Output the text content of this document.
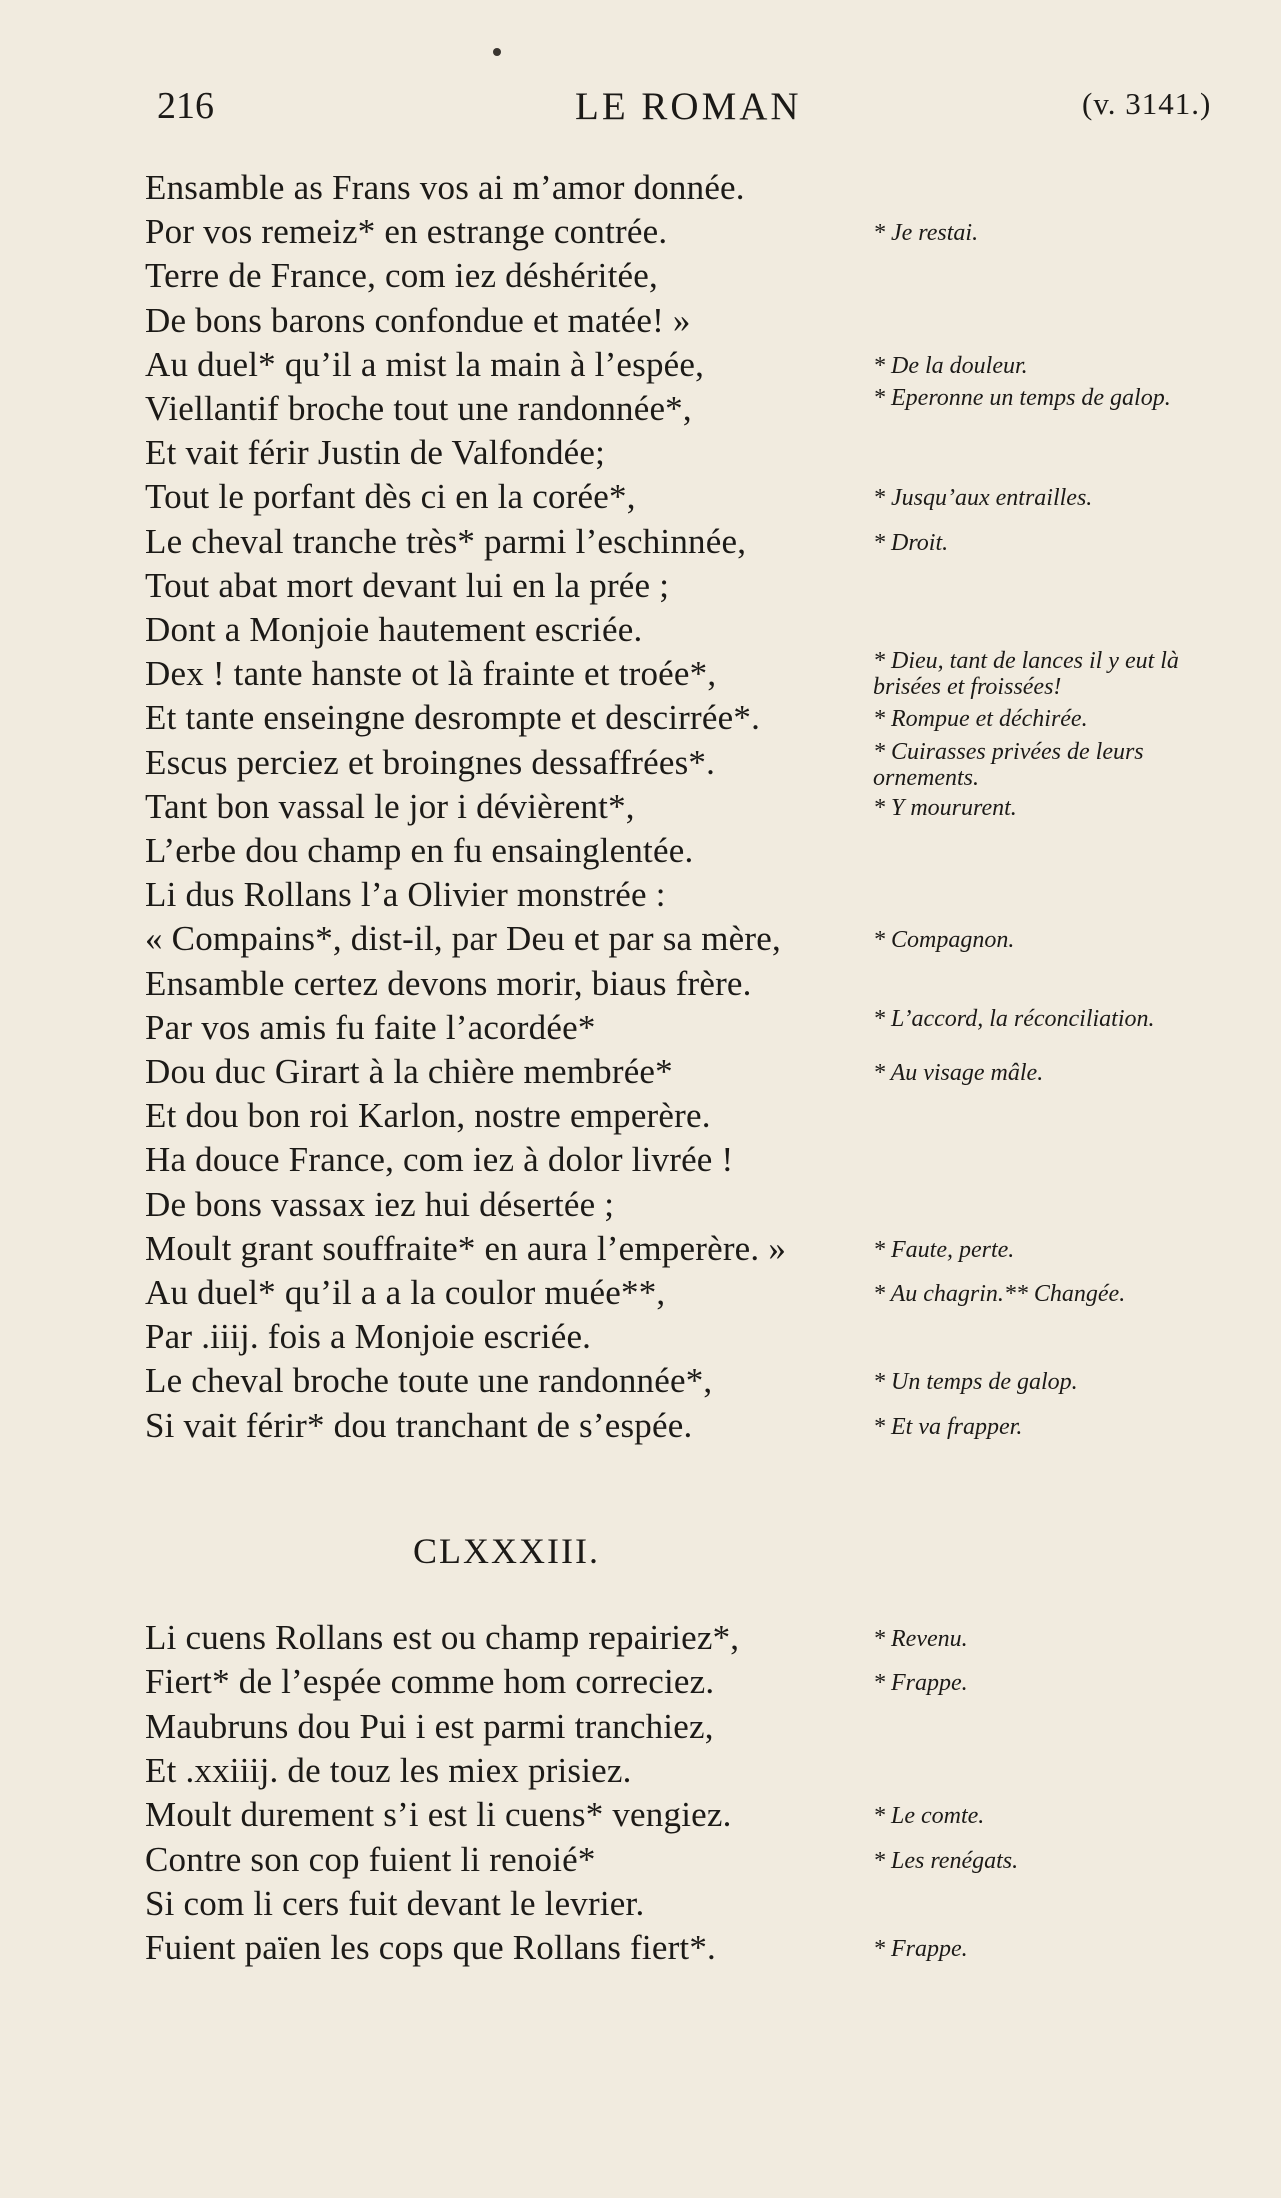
216	LE ROMAN	(v. 3141.)
Ensamble as Frans vos ai m’amor donnée.
Por vos remeiz* en estrange contrée.	* Je restai.
Terre de France, com iez déshéritée,
De bons barons confondue et matée! »
Au duel* qu’il a mist la main à l’espée,	* De la douleur.
Viellantif broche tout une randonnée*,	* Eperonne un temps de galop.
Et vait férir Justin de Valfondée;
Tout le porfant dès ci en la corée*,	* Jusqu’aux entrailles.
Le cheval tranche très* parmi l’eschinnée,	* Droit.
Tout abat mort devant lui en la prée ;
Dont a Monjoie hautement escriée.
Dex ! tante hanste ot là frainte et troée*,	* Dieu, tant de lances il y eut là brisées et froissées!
Et tante enseingne desrompte et descirrée*.	* Rompue et déchirée.
Escus perciez et broingnes dessaffrées*.	* Cuirasses privées de leurs ornements.
Tant bon vassal le jor i dévièrent*,	* Y moururent.
L’erbe dou champ en fu ensainglentée.
Li dus Rollans l’a Olivier monstrée :
« Compains*, dist-il, par Deu et par sa mère,	* Compagnon.
Ensamble certez devons morir, biaus frère.
Par vos amis fu faite l’acordée*	* L’accord, la réconciliation.
Dou duc Girart à la chière membrée*	* Au visage mâle.
Et dou bon roi Karlon, nostre emperère.
Ha douce France, com iez à dolor livrée !
De bons vassax iez hui désertée ;
Moult grant souffraite* en aura l’emperère. »	* Faute, perte.
Au duel* qu’il a a la coulor muée**,	* Au chagrin.** Changée.
Par .iiij. fois a Monjoie escriée.
Le cheval broche toute une randonnée*,	* Un temps de galop.
Si vait férir* dou tranchant de s’espée.	* Et va frapper.
CLXXXIII.
Li cuens Rollans est ou champ repairiez*,	* Revenu.
Fiert* de l’espée comme hom correciez.	* Frappe.
Maubruns dou Pui i est parmi tranchiez,
Et .xxiiij. de touz les miex prisiez.
Moult durement s’i est li cuens* vengiez.	* Le comte.
Contre son cop fuient li renoié*	* Les renégats.
Si com li cers fuit devant le levrier.
Fuient païen les cops que Rollans fiert*.	* Frappe.
